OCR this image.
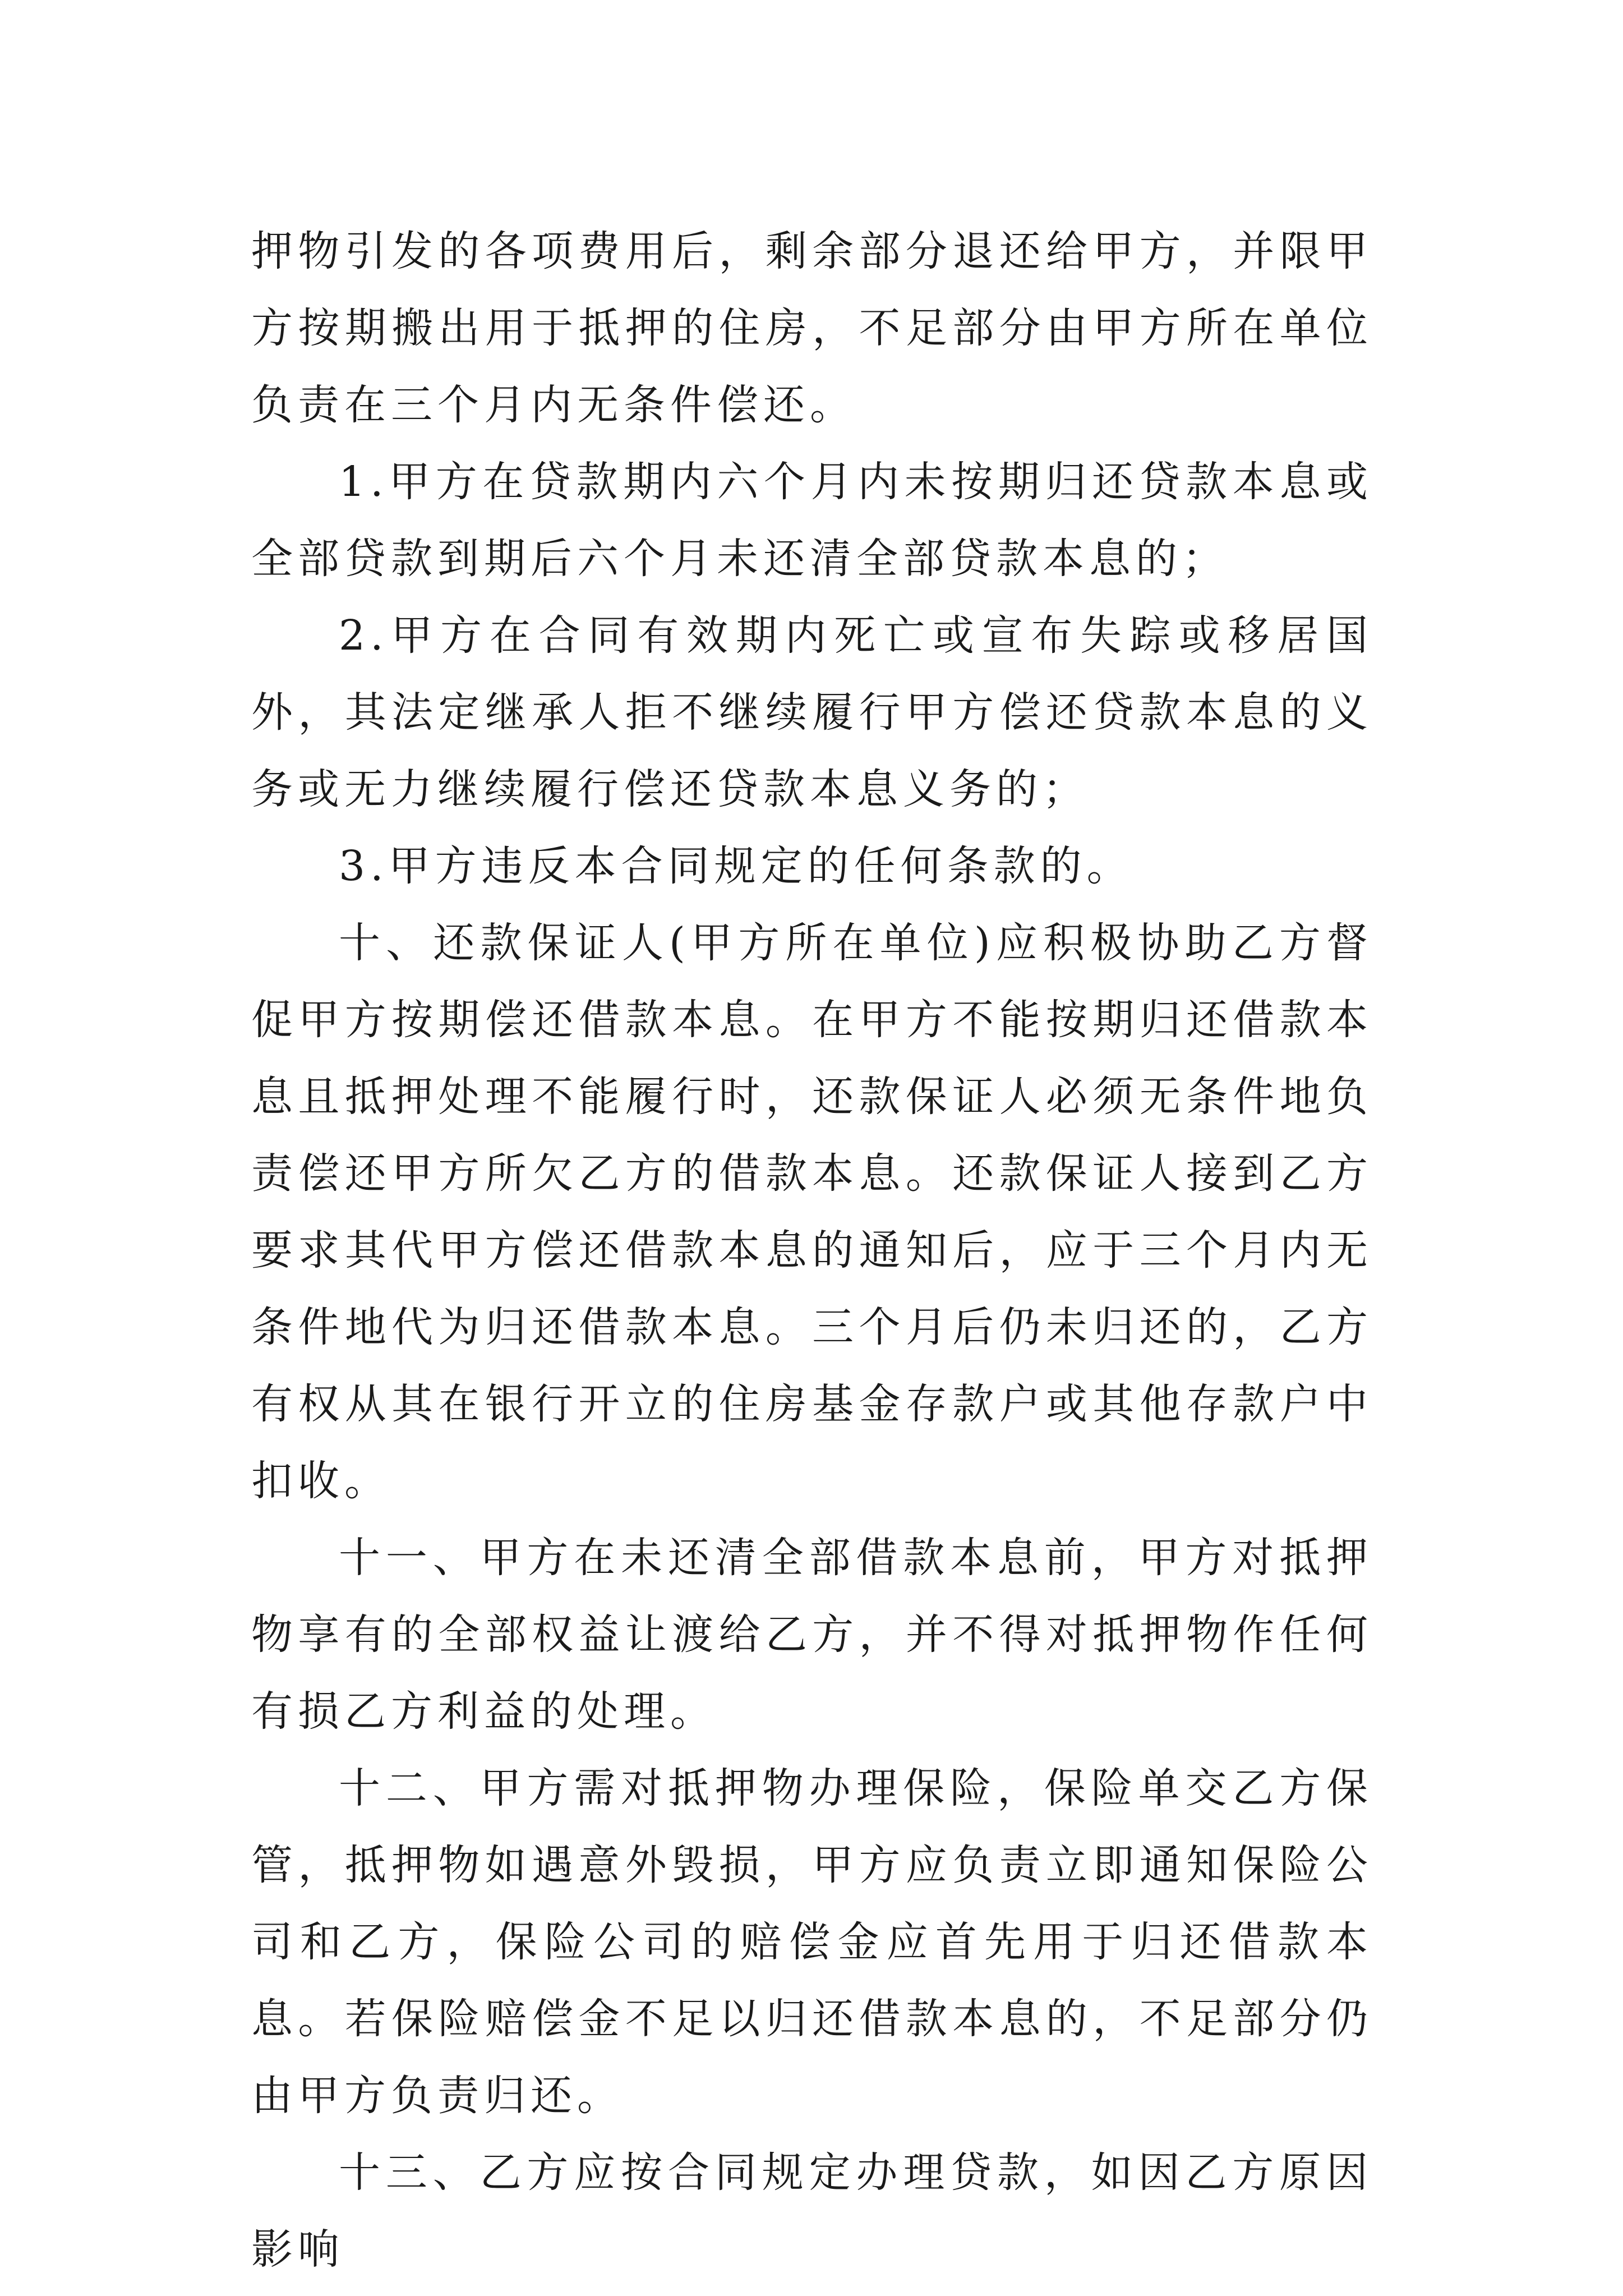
押物引发的各项费用后，剩余部分退还给甲方，并限甲方按期搬出用于抵押的住房，不足部分由甲方所在单位负责在三个月内无条件偿还。

1.甲方在贷款期内六个月内未按期归还贷款本息或全部贷款到期后六个月未还清全部贷款本息的；

2.甲方在合同有效期内死亡或宣布失踪或移居国外，其法定继承人拒不继续履行甲方偿还贷款本息的义务或无力继续履行偿还贷款本息义务的；

3.甲方违反本合同规定的任何条款的。

十、还款保证人(甲方所在单位)应积极协助乙方督促甲方按期偿还借款本息。在甲方不能按期归还借款本息且抵押处理不能履行时，还款保证人必须无条件地负责偿还甲方所欠乙方的借款本息。还款保证人接到乙方要求其代甲方偿还借款本息的通知后，应于三个月内无条件地代为归还借款本息。三个月后仍未归还的，乙方有权从其在银行开立的住房基金存款户或其他存款户中扣收。

十一、甲方在未还清全部借款本息前，甲方对抵押物享有的全部权益让渡给乙方，并不得对抵押物作任何有损乙方利益的处理。

十二、甲方需对抵押物办理保险，保险单交乙方保管，抵押物如遇意外毁损，甲方应负责立即通知保险公司和乙方，保险公司的赔偿金应首先用于归还借款本息。若保险赔偿金不足以归还借款本息的，不足部分仍由甲方负责归还。

十三、乙方应按合同规定办理贷款，如因乙方原因影响
